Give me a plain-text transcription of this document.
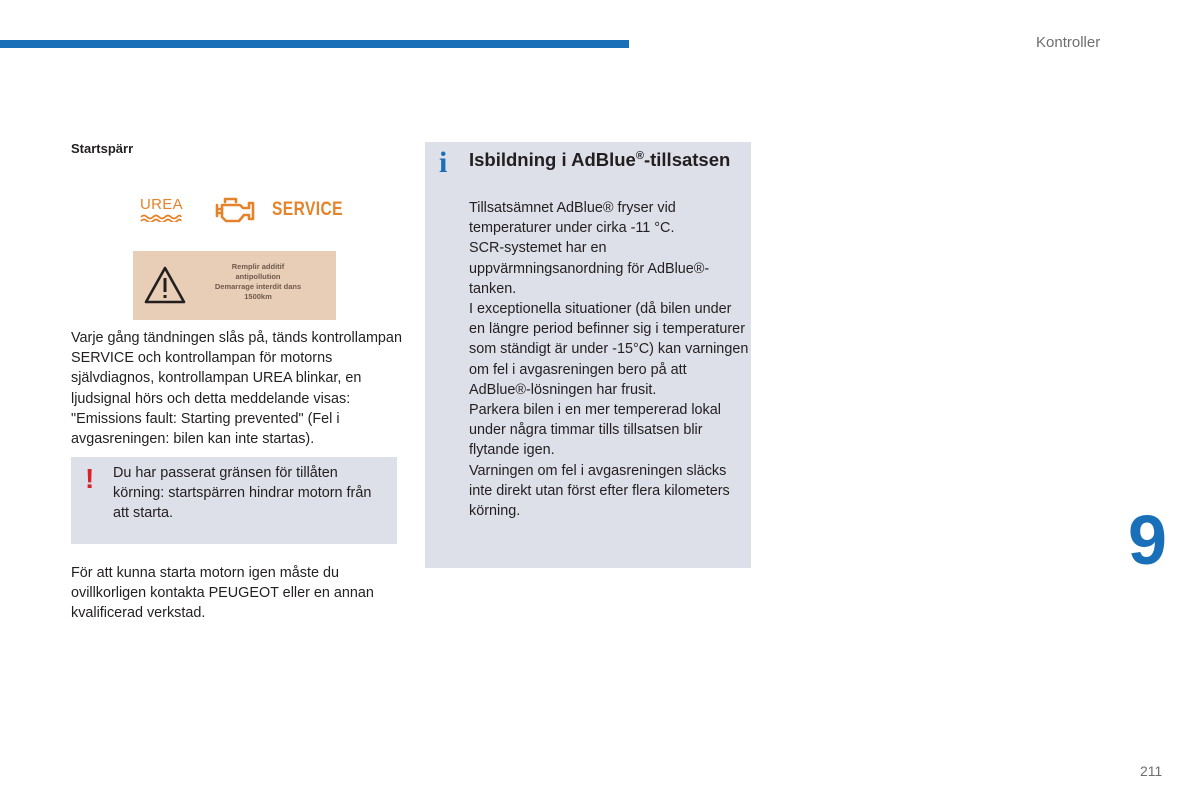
Kontroller
Startspärr
UREA	SERVICE
Remplir additif
antipollution
Demarrage interdit dans
1500km
Varje gång tändningen slås på, tänds kontrollampan SERVICE och kontrollampan för motorns självdiagnos, kontrollampan UREA blinkar, en ljudsignal hörs och detta meddelande visas: "Emissions fault: Starting prevented" (Fel i avgasreningen: bilen kan inte startas).
! Du har passerat gränsen för tillåten körning: startspärren hindrar motorn från att starta.
För att kunna starta motorn igen måste du ovillkorligen kontakta PEUGEOT eller en annan kvalificerad verkstad.
i Isbildning i AdBlue®-tillsatsen

Tillsatsämnet AdBlue® fryser vid temperaturer under cirka -11 °C.

SCR-systemet har en uppvärmningsanordning för AdBlue®-tanken.

I exceptionella situationer (då bilen under en längre period befinner sig i temperaturer som ständigt är under -15°C) kan varningen om fel i avgasreningen bero på att AdBlue®-lösningen har frusit.

Parkera bilen i en mer tempererad lokal under några timmar tills tillsatsen blir flytande igen.

Varningen om fel i avgasreningen släcks inte direkt utan först efter flera kilometers körning.	9
211
